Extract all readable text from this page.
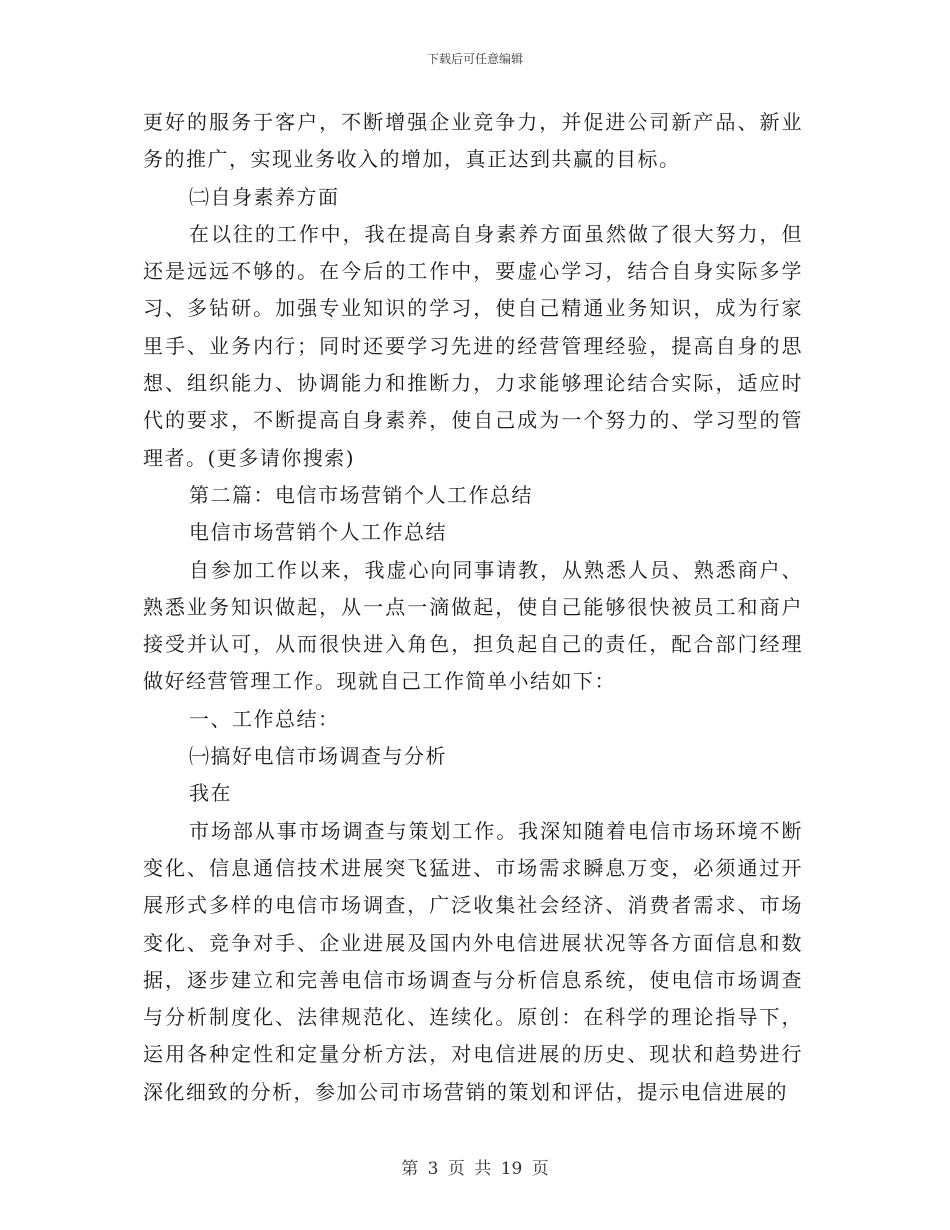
下载后可任意编辑

更好的服务于客户，不断增强企业竞争力，并促进公司新产品、新业务的推广，实现业务收入的增加，真正达到共赢的目标。

㈡自身素养方面

在以往的工作中，我在提高自身素养方面虽然做了很大努力，但还是远远不够的。在今后的工作中，要虚心学习，结合自身实际多学习、多钻研。加强专业知识的学习，使自己精通业务知识，成为行家里手、业务内行；同时还要学习先进的经营管理经验，提高自身的思想、组织能力、协调能力和推断力，力求能够理论结合实际，适应时代的要求，不断提高自身素养，使自己成为一个努力的、学习型的管理者。(更多请你搜索)

第二篇：电信市场营销个人工作总结

电信市场营销个人工作总结

自参加工作以来，我虚心向同事请教，从熟悉人员、熟悉商户、熟悉业务知识做起，从一点一滴做起，使自己能够很快被员工和商户接受并认可，从而很快进入角色，担负起自己的责任，配合部门经理做好经营管理工作。现就自己工作简单小结如下：

一、工作总结：

㈠搞好电信市场调查与分析

我在

市场部从事市场调查与策划工作。我深知随着电信市场环境不断变化、信息通信技术进展突飞猛进、市场需求瞬息万变，必须通过开展形式多样的电信市场调查，广泛收集社会经济、消费者需求、市场变化、竞争对手、企业进展及国内外电信进展状况等各方面信息和数据，逐步建立和完善电信市场调查与分析信息系统，使电信市场调查与分析制度化、法律规范化、连续化。原创：在科学的理论指导下，运用各种定性和定量分析方法，对电信进展的历史、现状和趋势进行深化细致的分析，参加公司市场营销的策划和评估，提示电信进展的

第 3 页 共 19 页
